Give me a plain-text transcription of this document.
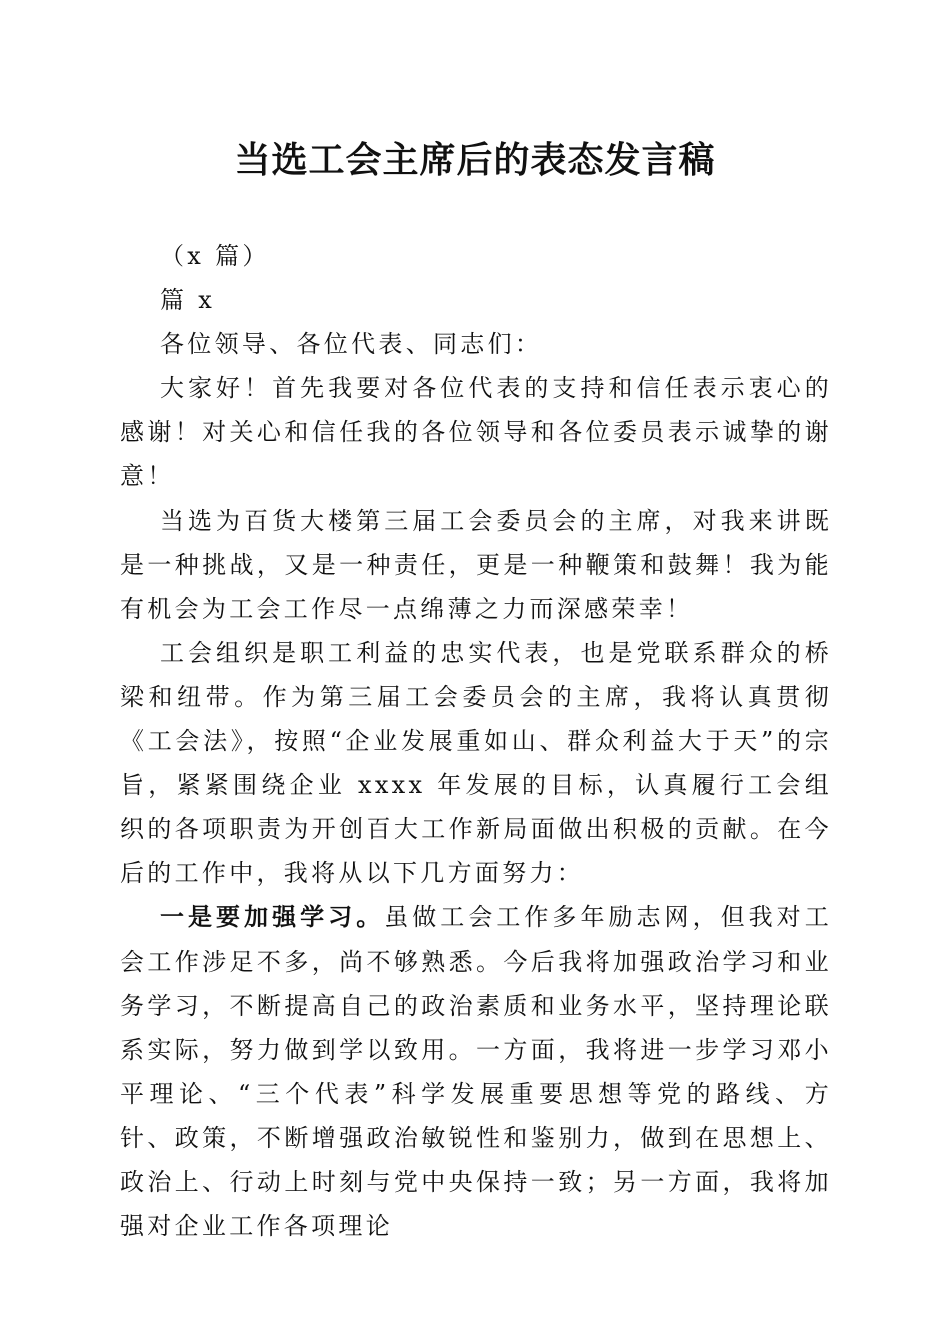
当选工会主席后的表态发言稿

（x 篇）

篇 x

各位领导、各位代表、同志们：

大家好！首先我要对各位代表的支持和信任表示衷心的感谢！对关心和信任我的各位领导和各位委员表示诚挚的谢意！

当选为百货大楼第三届工会委员会的主席，对我来讲既是一种挑战，又是一种责任，更是一种鞭策和鼓舞！我为能有机会为工会工作尽一点绵薄之力而深感荣幸！

工会组织是职工利益的忠实代表，也是党联系群众的桥梁和纽带。作为第三届工会委员会的主席，我将认真贯彻《工会法》，按照“企业发展重如山、群众利益大于天”的宗旨，紧紧围绕企业 xxxx 年发展的目标，认真履行工会组织的各项职责为开创百大工作新局面做出积极的贡献。在今后的工作中，我将从以下几方面努力：

一是要加强学习。虽做工会工作多年励志网，但我对工会工作涉足不多，尚不够熟悉。今后我将加强政治学习和业务学习，不断提高自己的政治素质和业务水平，坚持理论联系实际，努力做到学以致用。一方面，我将进一步学习邓小平理论、“三个代表”科学发展重要思想等党的路线、方针、政策，不断增强政治敏锐性和鉴别力，做到在思想上、政治上、行动上时刻与党中央保持一致；另一方面，我将加强对企业工作各项理论
